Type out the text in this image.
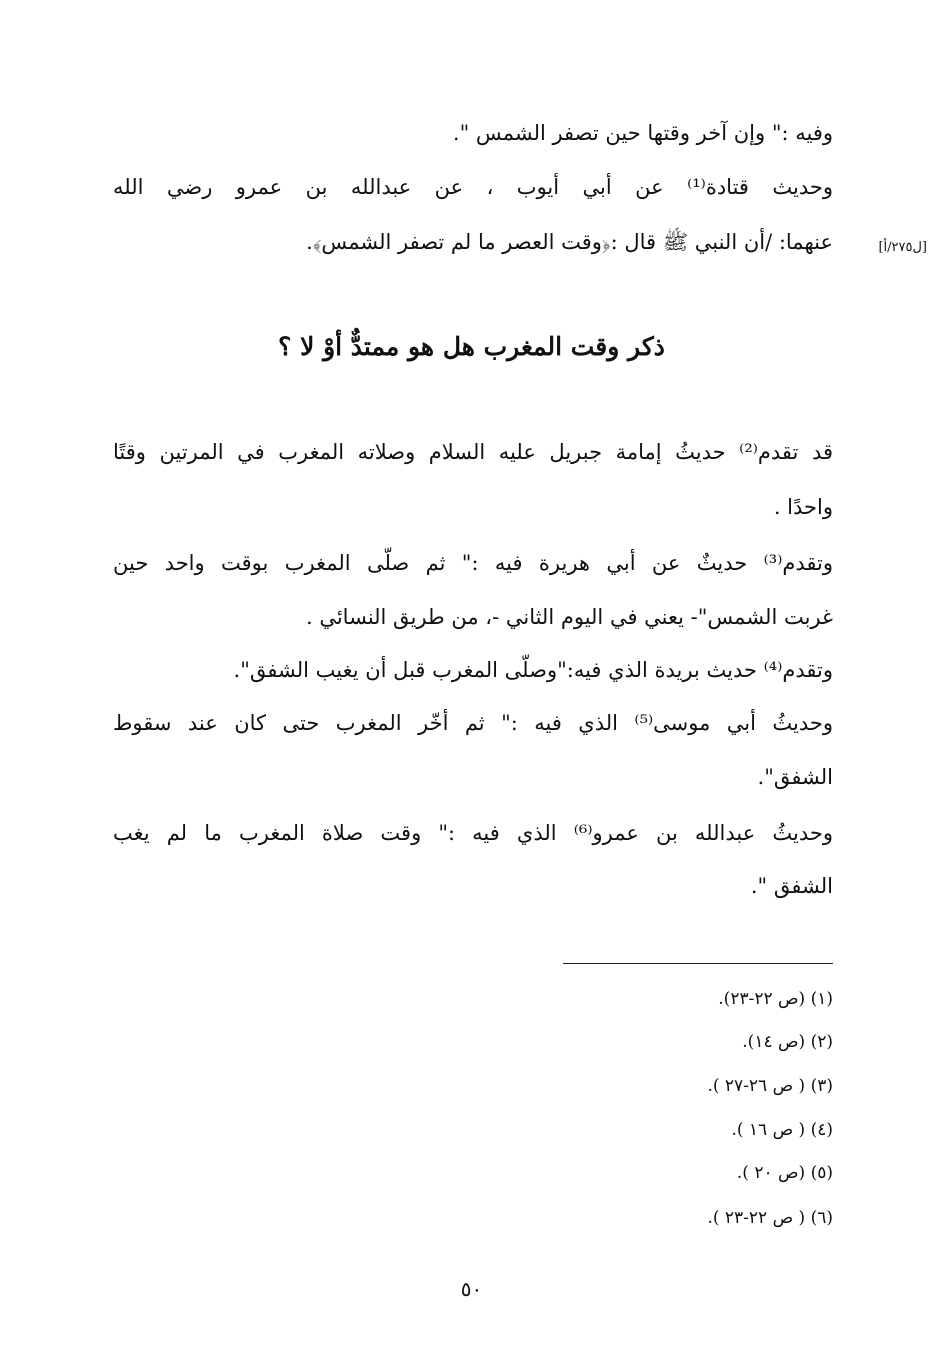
وفيه :" وإن آخر وقتها حين تصفر الشمس ".
وحديث قتادة⁽¹⁾ عن أبي أيوب ، عن عبدالله بن عمرو رضي الله
عنهما: /أن النبي ﷺ قال :﴿وقت العصر ما لم تصفر الشمس﴾.	[ل٢٧٥/أ]
ذكر وقت المغرب هل هو ممتدٌّ أوْ لا ؟
قد تقدم⁽²⁾ حديثُ إمامة جبريل عليه السلام وصلاته المغرب في المرتين وقتًا
واحدًا .
وتقدم⁽³⁾ حديثٌ عن أبي هريرة فيه :" ثم صلّى المغرب بوقت واحد حين
غربت الشمس"- يعني في اليوم الثاني -، من طريق النسائي .
وتقدم⁽⁴⁾ حديث بريدة الذي فيه:"وصلّى المغرب قبل أن يغيب الشفق".
وحديثُ أبي موسى⁽⁵⁾ الذي فيه :" ثم أخّر المغرب حتى كان عند سقوط
الشفق".
وحديثُ عبدالله بن عمرو⁽⁶⁾ الذي فيه :" وقت صلاة المغرب ما لم يغب
الشفق ".
(١) (ص ٢٢-٢٣).
(٢) (ص ١٤).
(٣) ( ص ٢٦-٢٧ ).
(٤) ( ص ١٦ ).
(٥) (ص ٢٠ ).
(٦) ( ص ٢٢-٢٣ ).
٥٠
